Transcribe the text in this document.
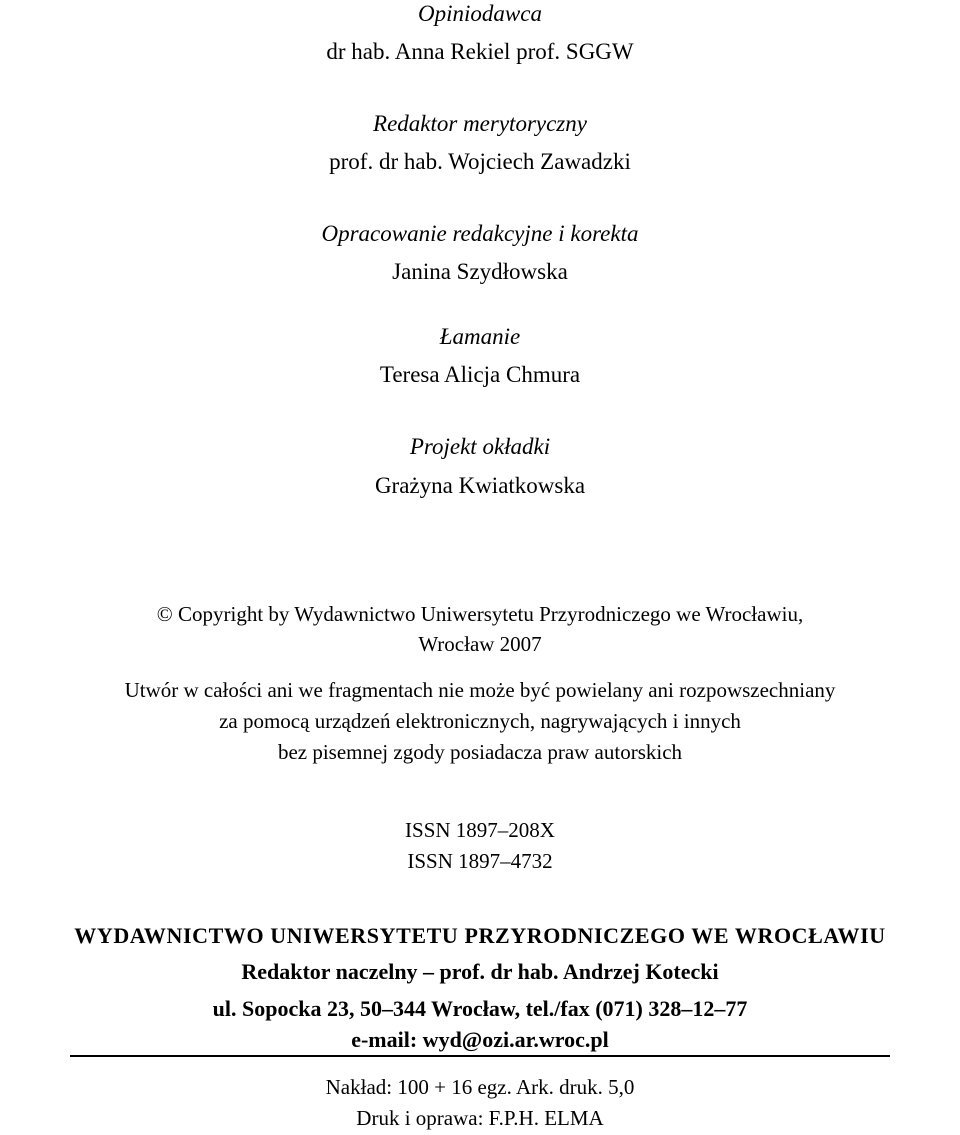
Opiniodawca
dr hab. Anna Rekiel prof. SGGW
Redaktor merytoryczny
prof. dr hab. Wojciech Zawadzki
Opracowanie redakcyjne i korekta
Janina Szydłowska
Łamanie
Teresa Alicja Chmura
Projekt okładki
Grażyna Kwiatkowska
© Copyright by Wydawnictwo Uniwersytetu Przyrodniczego we Wrocławiu,
Wrocław 2007
Utwór w całości ani we fragmentach nie może być powielany ani rozpowszechniany
za pomocą urządzeń elektronicznych, nagrywających i innych
bez pisemnej zgody posiadacza praw autorskich
ISSN 1897–208X
ISSN 1897–4732
WYDAWNICTWO UNIWERSYTETU PRZYRODNICZEGO WE WROCŁAWIU
Redaktor naczelny – prof. dr hab. Andrzej Kotecki
ul. Sopocka 23, 50–344 Wrocław, tel./fax (071) 328–12–77
e-mail: wyd@ozi.ar.wroc.pl
Nakład: 100 + 16 egz. Ark. druk. 5,0
Druk i oprawa: F.P.H. ELMA
